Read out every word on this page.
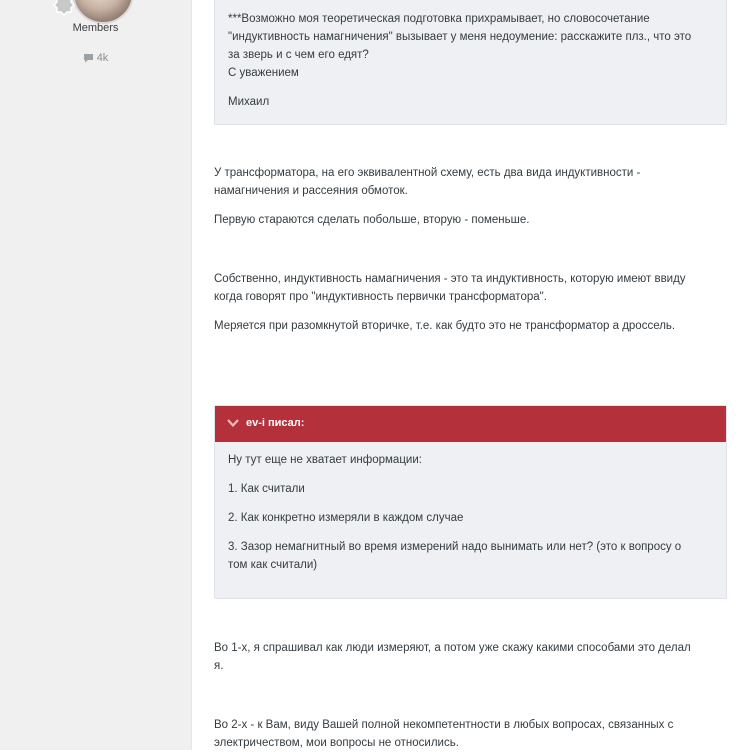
Members
4k

***Возможно моя теоретическая подготовка прихрамывает, но словосочетание

"индуктивность намагничения" вызывает у меня недоумение: расскажите плз., что это

за зверь и с чем его едят?

С уважением

Михаил

У трансформатора, на его эквивалентной схему, есть два вида индуктивности -

намагничения и рассеяния обмоток.

Первую стараются сделать побольше, вторую - поменьше.

Собственно, индуктивность намагничения - это та индуктивность, которую имеют ввиду

когда говорят про "индуктивность первички трансформатора".

Меряется при разомкнутой вторичке, т.е. как будто это не трансформатор а дроссель.

ev-i писал:

Ну тут еще не хватает информации:

1. Как считали

2. Как конкретно измеряли в каждом случае

3. Зазор немагнитный во время измерений надо вынимать или нет? (это к вопросу о

том как считали)

Во 1-х, я спрашивал как люди измеряют, а потом уже скажу какими способами это делал

я.

Во 2-х - к Вам, виду Вашей полной некомпетентности в любых вопросах, связанных с

электричеством, мои вопросы не относились.
